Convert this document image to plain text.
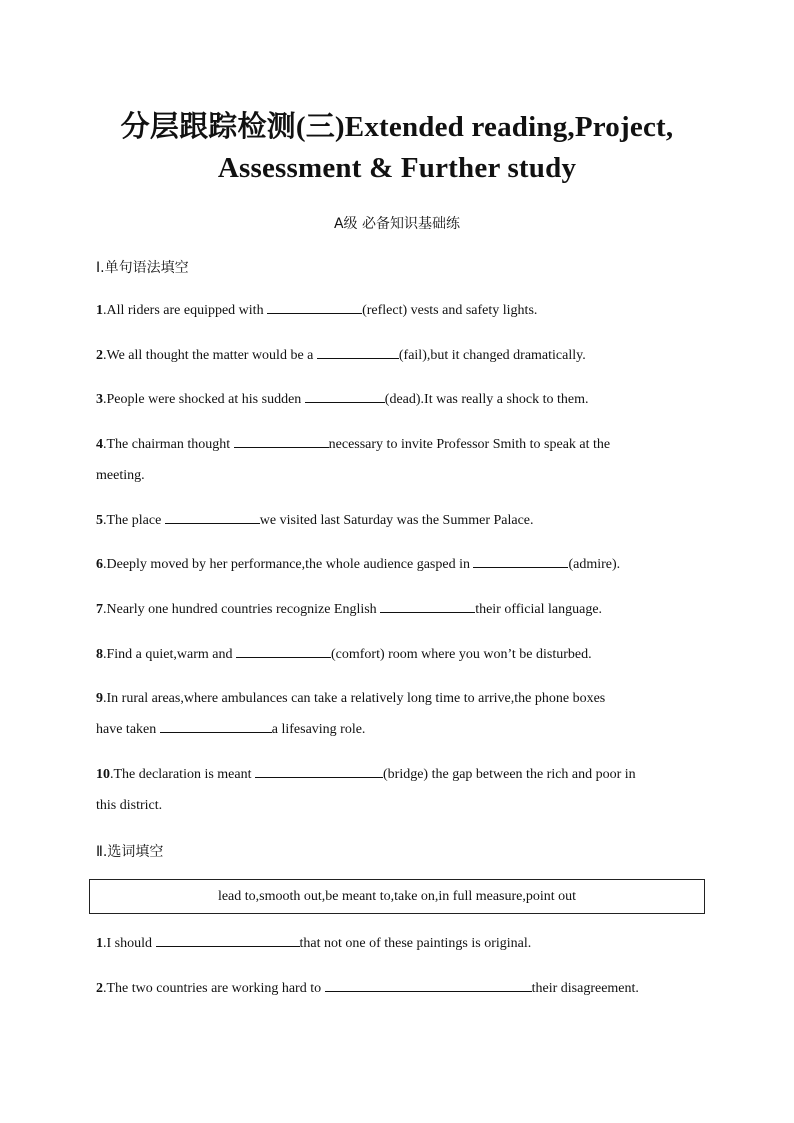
分层跟踪检测(三)Extended reading,Project,
Assessment & Further study
A级 必备知识基础练
Ⅰ.单句语法填空
1.All riders are equipped with	(reflect) vests and safety lights.
2.We all thought the matter would be a	(fail),but it changed dramatically.
3.People were shocked at his sudden	(dead).It was really a shock to them.
4.The chairman thought	necessary to invite Professor Smith to speak at the
meeting.
5.The place	we visited last Saturday was the Summer Palace.
6.Deeply moved by her performance,the whole audience gasped in	(admire).
7.Nearly one hundred countries recognize English	their official language.
8.Find a quiet,warm and	(comfort) room where you won’t be disturbed.
9.In rural areas,where ambulances can take a relatively long time to arrive,the phone boxes
have taken	a lifesaving role.
10.The declaration is meant	(bridge) the gap between the rich and poor in
this district.
Ⅱ.选词填空
lead to,smooth out,be meant to,take on,in full measure,point out
1.I should	that not one of these paintings is original.
2.The two countries are working hard to	their disagreement.
